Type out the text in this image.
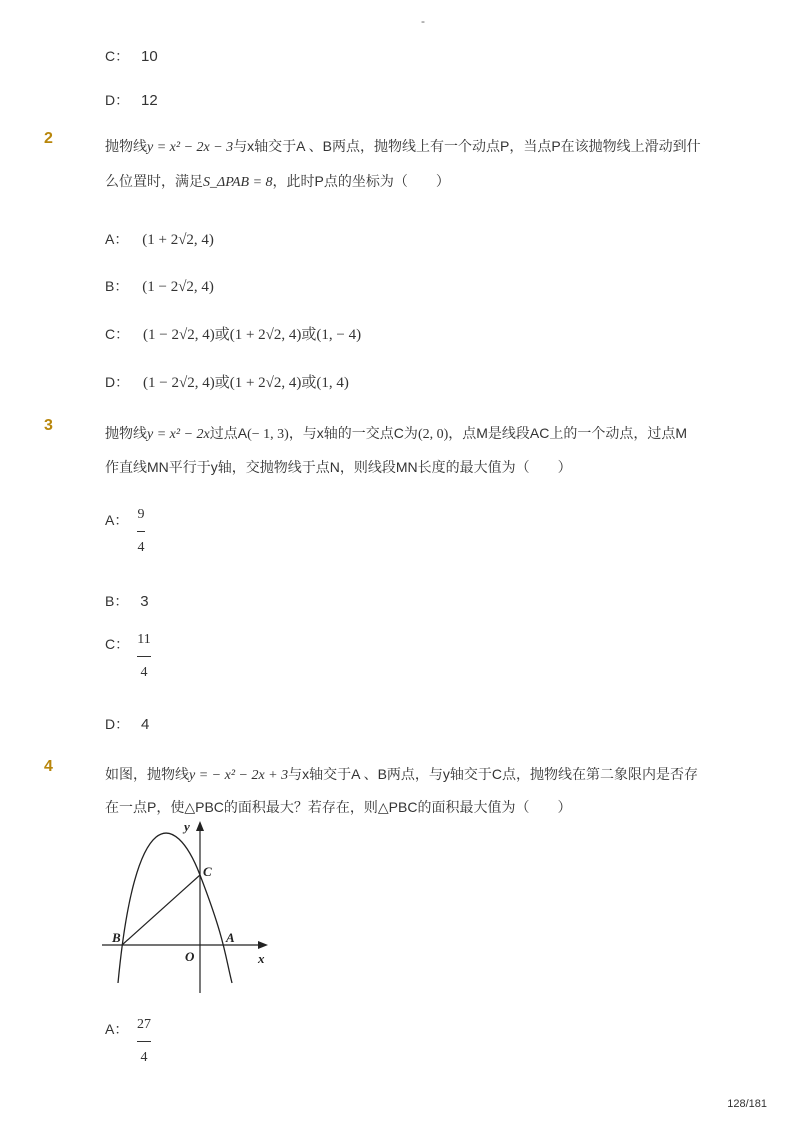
-
C： 10
D： 12
2	抛物线y = x² − 2x − 3与x轴交于A 、B两点，抛物线上有一个动点P，当点P在该抛物线上滑动到什
么位置时，满足S_ΔPAB = 8，此时P点的坐标为（　　）
A： (1 + 2√2, 4)
B： (1 − 2√2, 4)
C： (1 − 2√2, 4)或(1 + 2√2, 4)或(1, − 4)
D： (1 − 2√2, 4)或(1 + 2√2, 4)或(1, 4)
3	抛物线y = x² − 2x过点A(− 1, 3)，与x轴的一交点C为(2, 0)，点M是线段AC上的一个动点，过点M
作直线MN平行于y轴，交抛物线于点N，则线段MN长度的最大值为（　　）
A： 9
4
B： 3
C： 11
4
D： 4
4	如图，抛物线y = − x² − 2x + 3与x轴交于A 、B两点，与y轴交于C点，抛物线在第二象限内是否存
在一点P，使△PBC的面积最大？若存在，则△PBC的面积最大值为（　　）
y
x
C
B	A
O
A： 27
4
128/181
